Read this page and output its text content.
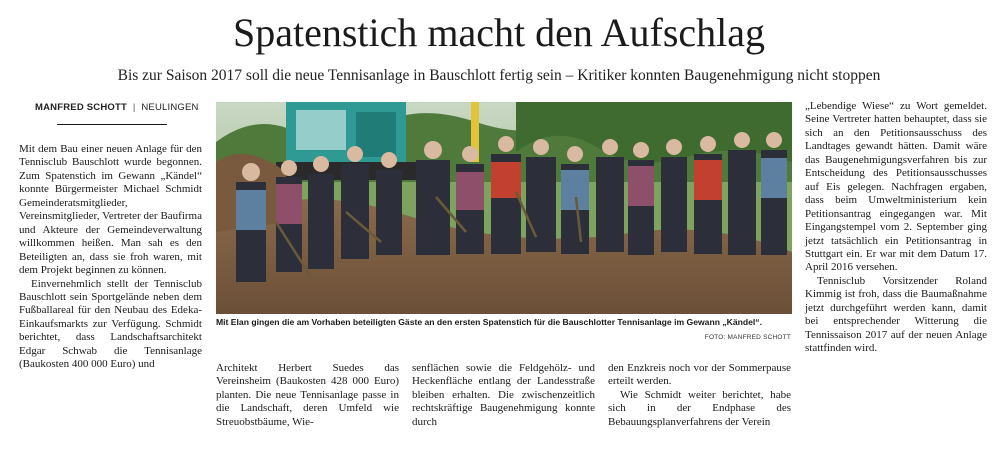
Spatenstich macht den Aufschlag

Bis zur Saison 2017 soll die neue Tennisanlage in Bauschlott fertig sein – Kritiker konnten Baugenehmigung nicht stoppen

MANFRED SCHOTT | NEULINGEN

Mit dem Bau einer neuen Anlage für den Tennisclub Bauschlott wurde begonnen. Zum Spatenstich im Gewann „Kändel“ konnte Bürgermeister Michael Schmidt Gemeinderatsmitglieder, Vereinsmitglieder, Vertreter der Baufirma und Akteure der Gemeindeverwaltung willkommen heißen. Man sah es den Beteiligten an, dass sie froh waren, mit dem Projekt beginnen zu können.

Einvernehmlich stellt der Tennisclub Bauschlott sein Sportgelände neben dem Fußballareal für den Neubau des Edeka-Einkaufsmarkts zur Verfügung. Schmidt berichtet, dass Landschaftsarchitekt Edgar Schwab die Tennisanlage (Baukosten 400 000 Euro) und

Mit Elan gingen die am Vorhaben beteiligten Gäste an den ersten Spatenstich für die Bauschlotter Tennisanlage im Gewann „Kändel“.
FOTO: MANFRED SCHOTT

Architekt Herbert Suedes das Vereinsheim (Baukosten 428 000 Euro) planten. Die neue Tennisanlage passe in die Landschaft, deren Umfeld wie Streuobstbäume, Wie-

senflächen sowie die Feldgehölz- und Heckenfläche entlang der Landesstraße bleiben erhalten. Die zwischenzeitlich rechtskräftige Baugenehmigung konnte durch

den Enzkreis noch vor der Sommerpause erteilt werden.

Wie Schmidt weiter berichtet, habe sich in der Endphase des Bebauungsplanverfahrens der Verein

„Lebendige Wiese“ zu Wort gemeldet. Seine Vertreter hatten behauptet, dass sie sich an den Petitionsausschuss des Landtages gewandt hätten. Damit wäre das Baugenehmigungsverfahren bis zur Entscheidung des Petitionsausschusses auf Eis gelegen. Nachfragen ergaben, dass beim Umweltministerium kein Petitionsantrag eingegangen war. Mit Eingangstempel vom 2. September ging jetzt tatsächlich ein Petitionsantrag in Stuttgart ein. Er war mit dem Datum 17. April 2016 versehen.

Tennisclub Vorsitzender Roland Kimmig ist froh, dass die Baumaßnahme jetzt durchgeführt werden kann, damit bei entsprechender Witterung die Tennissaison 2017 auf der neuen Anlage stattfinden wird.
